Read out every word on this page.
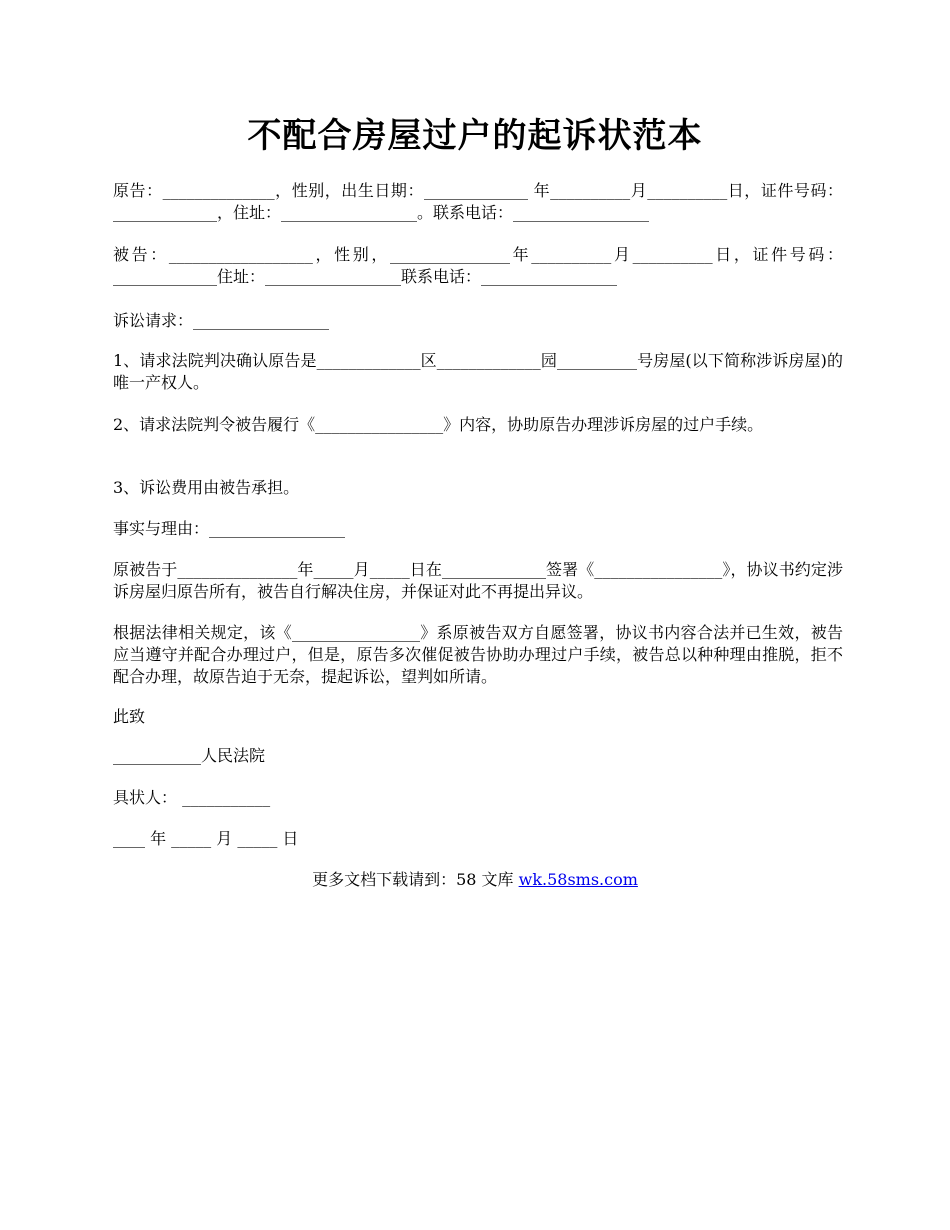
不配合房屋过户的起诉状范本

原告：______________，性别，出生日期：_____________ 年__________月__________日，证件号码：_____________，住址：_________________。联系电话：_________________

被告：__________________，性别，_______________年__________月__________日，证件号码：_____________住址：_________________联系电话：_________________

诉讼请求：_________________

1、请求法院判决确认原告是_____________区_____________园__________号房屋(以下简称涉诉房屋)的唯一产权人。

2、请求法院判令被告履行《________________》内容，协助原告办理涉诉房屋的过户手续。

3、诉讼费用由被告承担。

事实与理由：_________________

原被告于_______________年_____月_____日在_____________签署《________________》，协议书约定涉诉房屋归原告所有，被告自行解决住房，并保证对此不再提出异议。

根据法律相关规定，该《________________》系原被告双方自愿签署，协议书内容合法并已生效，被告应当遵守并配合办理过户，但是，原告多次催促被告协助办理过户手续，被告总以种种理由推脱，拒不配合办理，故原告迫于无奈，提起诉讼，望判如所请。

此致

___________人民法院

具状人： ___________

____ 年 _____ 月 _____ 日

更多文档下载请到：58 文库 wk.58sms.com
